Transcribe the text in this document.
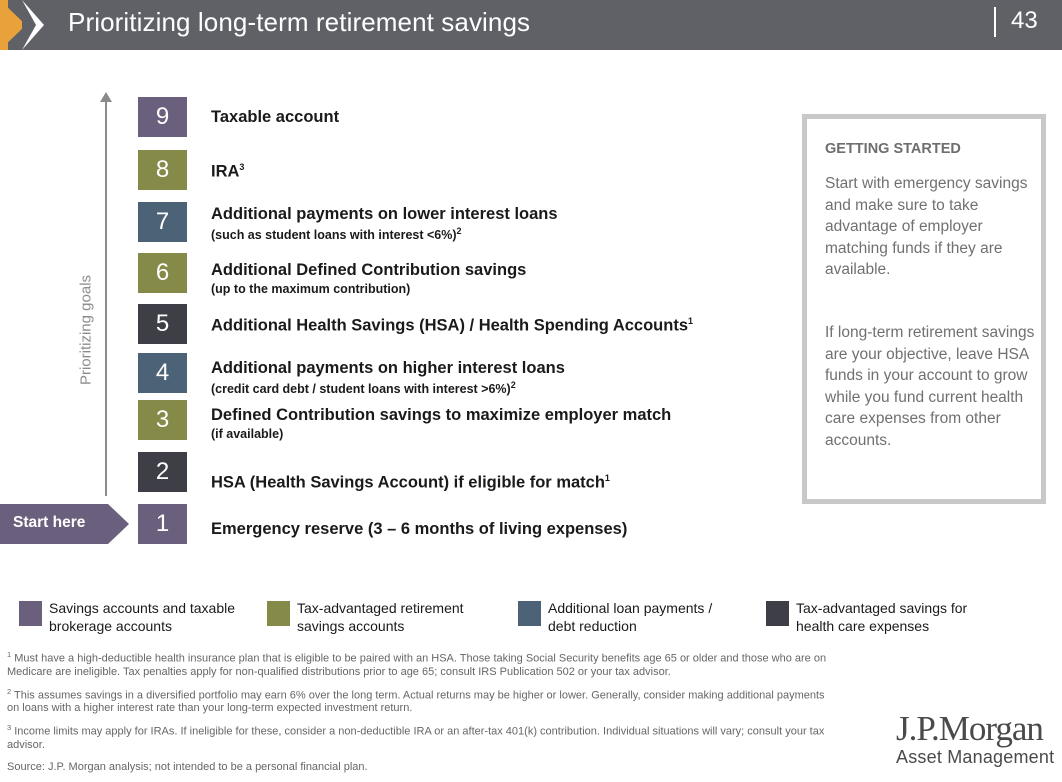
Prioritizing long-term retirement savings	43
Prioritizing goals
9	Taxable account
8	IRA$^3$
7	Additional payments on lower interest loans
(such as student loans with interest <6%)$^2$
6	Additional Defined Contribution savings
(up to the maximum contribution)
5	Additional Health Savings (HSA) / Health Spending Accounts$^1$
4	Additional payments on higher interest loans
(credit card debt / student loans with interest >6%)$^2$
3	Defined Contribution savings to maximize employer match
(if available)
2	HSA (Health Savings Account) if eligible for match$^1$
1	Emergency reserve (3 – 6 months of living expenses)
Start here
GETTING STARTED
Start with emergency savings and make sure to take advantage of employer matching funds if they are available.
If long-term retirement savings are your objective, leave HSA funds in your account to grow while you fund current health care expenses from other accounts.
Savings accounts and taxable
brokerage accounts
Tax-advantaged retirement
savings accounts
Additional loan payments /
debt reduction
Tax-advantaged savings for
health care expenses

$^1$ Must have a high-deductible health insurance plan that is eligible to be paired with an HSA. Those taking Social Security benefits age 65 or older and those who are on Medicare are ineligible. Tax penalties apply for non-qualified distributions prior to age 65; consult IRS Publication 502 or your tax advisor.

$^2$ This assumes savings in a diversified portfolio may earn 6% over the long term. Actual returns may be higher or lower. Generally, consider making additional payments on loans with a higher interest rate than your long-term expected investment return.

$^3$ Income limits may apply for IRAs. If ineligible for these, consider a non-deductible IRA or an after-tax 401(k) contribution. Individual situations will vary; consult your tax advisor.

Source: J.P. Morgan analysis; not intended to be a personal financial plan.
J.P.Morgan
Asset Management
